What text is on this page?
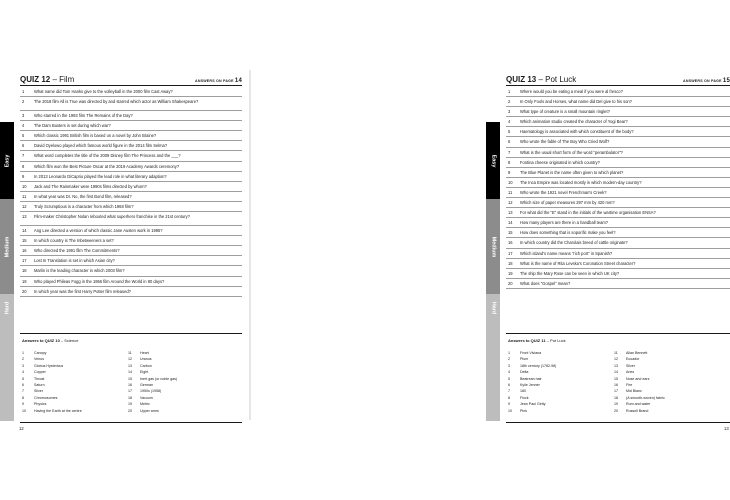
Easy
Medium
Hard
QUIZ 12 – Film	ANSWERS ON PAGE 14
1	What name did Tom Hanks give to the volleyball in the 2000 film Cast Away?
2	The 2018 film All is True was directed by and starred which actor as William Shakespeare?
3	Who starred in the 1993 film The Remains of the Day?
4	The Dam Busters is set during which war?
5	Which classic 1991 British film is based on a novel by John Braine?
6	David Oyelowo played which famous world figure in the 2014 film Selma?
7	What word completes the title of the 2009 Disney film The Princess and the ___?
8	Which film won the Best Picture Oscar at the 2019 Academy Awards ceremony?
9	In 2013 Leonardo DiCaprio played the lead role in what literary adaption?
10	Jack and The Rainmaker were 1990s films directed by whom?
11	In what year was Dr. No, the first Bond film, released?
12	Truly Scrumptious is a character from which 1968 film?
13	Film-maker Christopher Nolan rebooted what superhero franchise in the 21st century?
14	Ang Lee directed a version of which classic Jane Austen work in 1995?
15	In which country is The Inbetweeners a set?
16	Who directed the 1991 film The Commitments?
17	Lost In Translation is set in which Asian city?
18	Marlin is the leading character in which 2003 film?
19	Who played Phileas Fogg in the 1956 film Around the World in 80 days?
20	In which year was the first Harry Potter film released?
Answers to QUIZ 10 – Science
1	Canopy
2	Venus
3	Globus Hystericus
4	Copper
5	Throat
6	Saturn
7	Silver
8	Chromosomes
9	Physics
10	Having the Earth at the centre
11	Heart
12	Uranus
13	Carbon
14	Eight
15	Inert gas (or noble gas)
16	German
17	1950s (1958)
18	Vacuum
19	Metric
20	Upper arms
12
Easy
Medium
Hard
QUIZ 13 – Pot Luck	ANSWERS ON PAGE 15
1	Where would you be eating a meal if you were al fresco?
2	In Only Fools and Horses, what name did Del give to his son?
3	What type of creature is a small mountain ringlet?
4	Which animation studio created the character of Yogi Bear?
5	Haematology is associated with which constituent of the body?
6	Who wrote the fable of The Boy Who Cried Wolf?
7	What is the usual short form of the word "perambulator"?
8	Fontina cheese originated in which country?
9	The Blue Planet is the name often given to which planet?
10	The Inca Empire was located mostly in which modern-day country?
11	Who wrote the 1921 novel Frenchman's Creek?
12	Which size of paper measures 297 mm by 420 mm?
13	For what did the "E" stand in the initials of the wartime organisation ENSA?
14	How many players are there in a handball team?
15	How does something that is soporific make you feel?
16	In which country did the Charolais breed of cattle originate?
17	Which island's name means "rich port" in Spanish?
18	What is the name of Rita Levska's Coronation Street character?
19	The ship the Mary Rose can be seen in which UK city?
20	What does "Gospel" mean?
Answers to QUIZ 11 – Pot Luck
1	Front Viviana
2	Plum
3	18th century (1782-98)
4	Delta
5	Beatrean hair
6	Kylie Jenner
7	180
8	Flock
9	Jean Paul Getty
10	Pink
11	Allan Bennett
12	Ecuador
13	Silver
14	Aries
15	Nose and ears
16	Fire
17	Mid Blanc
18	(A smooth-woven) fabric
19	Rum and water
20	Russell Brand
13
